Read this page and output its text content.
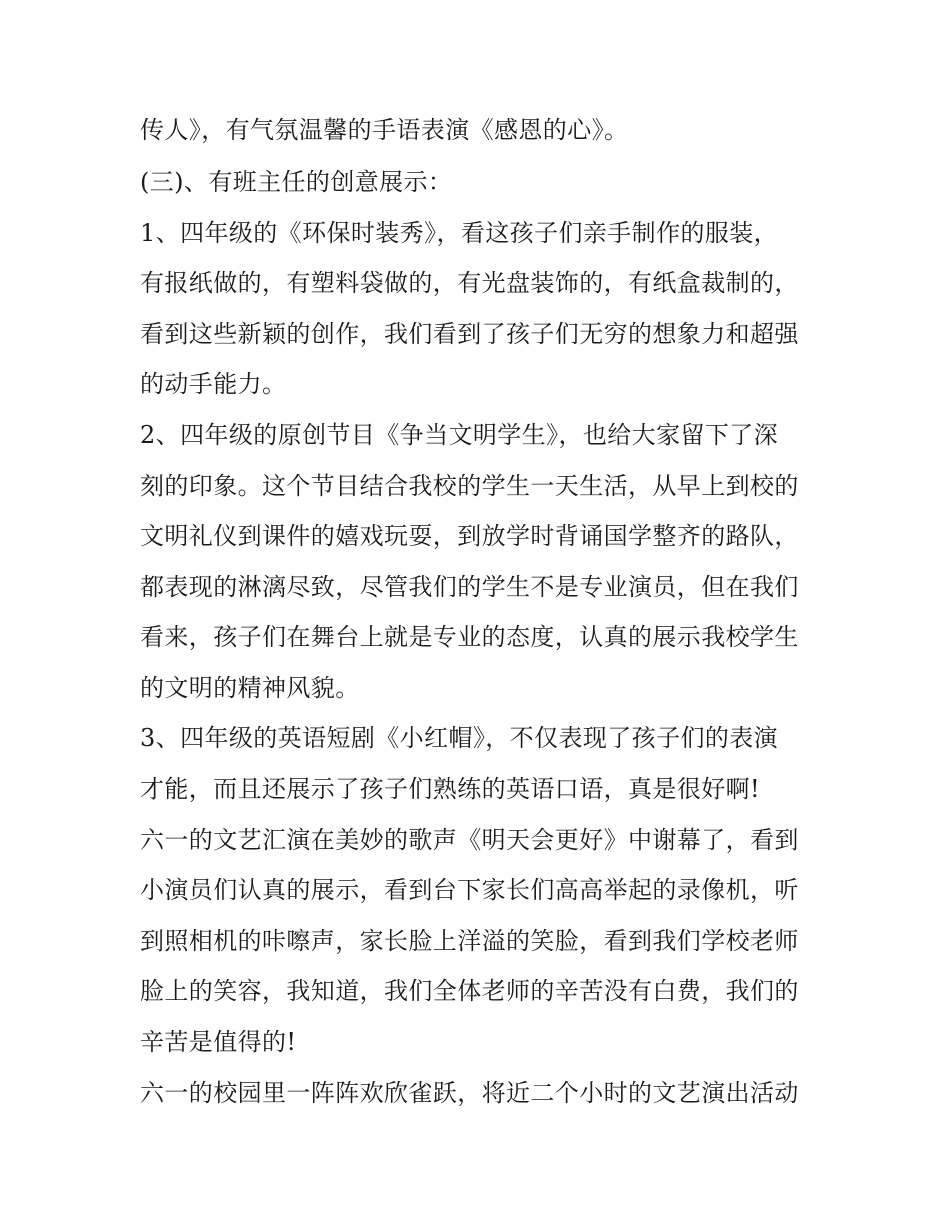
传人》，有气氛温馨的手语表演《感恩的心》。
(三)、有班主任的创意展示：
1、四年级的《环保时装秀》，看这孩子们亲手制作的服装，
有报纸做的，有塑料袋做的，有光盘装饰的，有纸盒裁制的，
看到这些新颖的创作，我们看到了孩子们无穷的想象力和超强
的动手能力。
2、四年级的原创节目《争当文明学生》，也给大家留下了深
刻的印象。这个节目结合我校的学生一天生活，从早上到校的
文明礼仪到课件的嬉戏玩耍，到放学时背诵国学整齐的路队，
都表现的淋漓尽致，尽管我们的学生不是专业演员，但在我们
看来，孩子们在舞台上就是专业的态度，认真的展示我校学生
的文明的精神风貌。
3、四年级的英语短剧《小红帽》，不仅表现了孩子们的表演
才能，而且还展示了孩子们熟练的英语口语，真是很好啊!
六一的文艺汇演在美妙的歌声《明天会更好》中谢幕了，看到
小演员们认真的展示，看到台下家长们高高举起的录像机，听
到照相机的咔嚓声，家长脸上洋溢的笑脸，看到我们学校老师
脸上的笑容，我知道，我们全体老师的辛苦没有白费，我们的
辛苦是值得的!
六一的校园里一阵阵欢欣雀跃，将近二个小时的文艺演出活动
